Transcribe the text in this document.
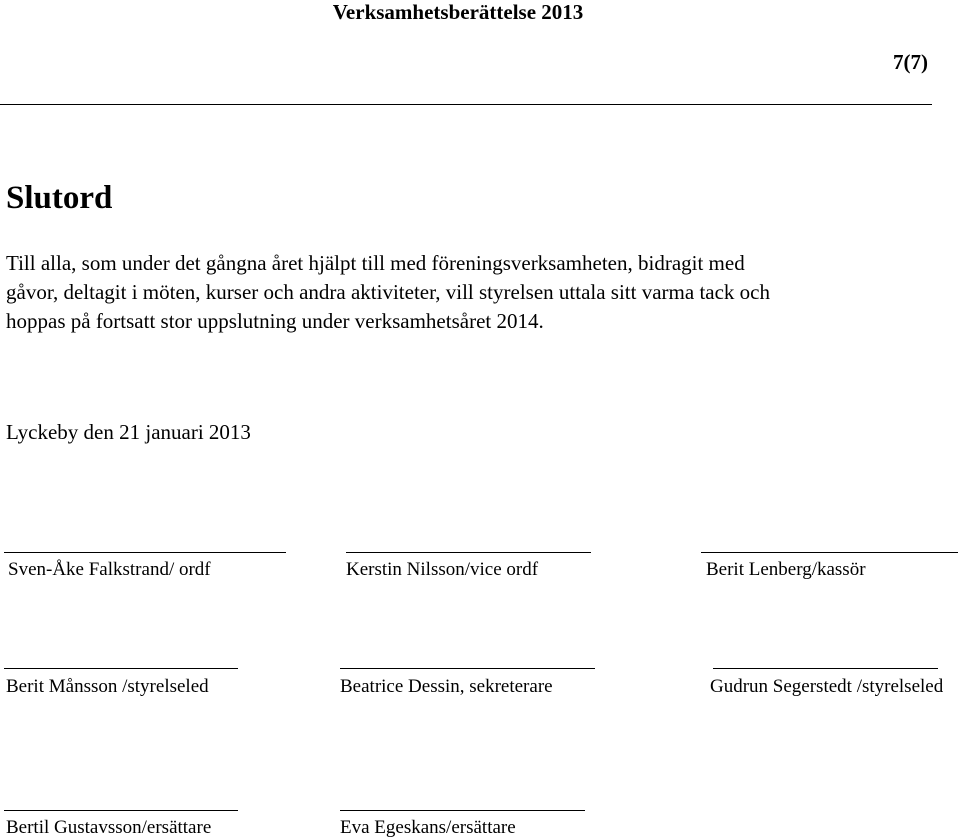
Verksamhetsberättelse 2013
7(7)
Slutord
Till alla, som under det gångna året hjälpt till med föreningsverksamheten, bidragit med
gåvor, deltagit i möten, kurser och andra aktiviteter, vill styrelsen uttala sitt varma tack och
hoppas på fortsatt stor uppslutning under verksamhetsåret 2014.
Lyckeby den 21 januari 2013
Sven-Åke Falkstrand/ ordf	Kerstin Nilsson/vice ordf	Berit Lenberg/kassör
Berit Månsson /styrelseled	Beatrice Dessin, sekreterare	Gudrun Segerstedt /styrelseled
Bertil Gustavsson/ersättare	Eva Egeskans/ersättare
